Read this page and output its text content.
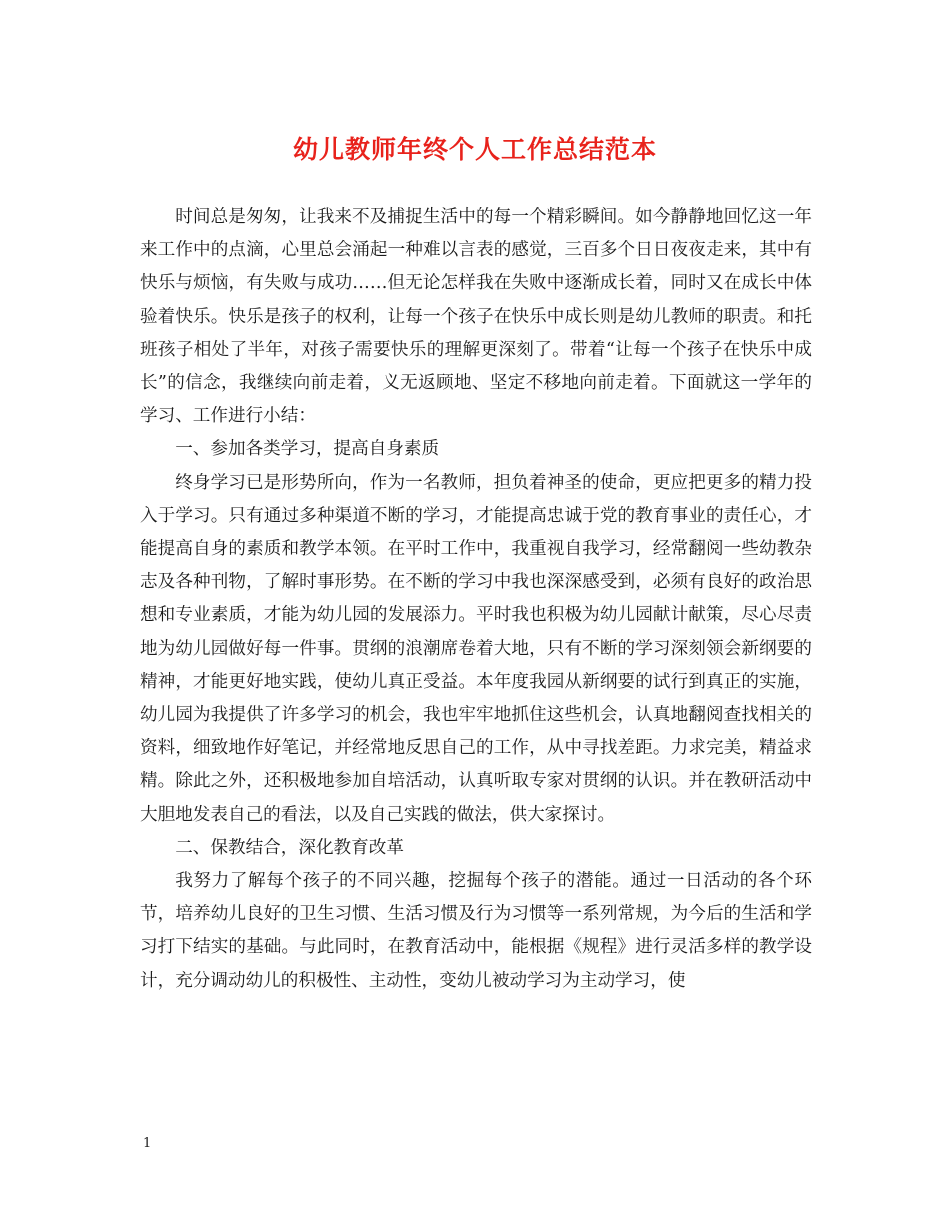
幼儿教师年终个人工作总结范本

时间总是匆匆，让我来不及捕捉生活中的每一个精彩瞬间。如今静静地回忆这一年来工作中的点滴，心里总会涌起一种难以言表的感觉，三百多个日日夜夜走来，其中有快乐与烦恼，有失败与成功……但无论怎样我在失败中逐渐成长着，同时又在成长中体验着快乐。快乐是孩子的权利，让每一个孩子在快乐中成长则是幼儿教师的职责。和托班孩子相处了半年，对孩子需要快乐的理解更深刻了。带着“让每一个孩子在快乐中成长”的信念，我继续向前走着，义无返顾地、坚定不移地向前走着。下面就这一学年的学习、工作进行小结：

一、参加各类学习，提高自身素质

终身学习已是形势所向，作为一名教师，担负着神圣的使命，更应把更多的精力投入于学习。只有通过多种渠道不断的学习，才能提高忠诚于党的教育事业的责任心，才能提高自身的素质和教学本领。在平时工作中，我重视自我学习，经常翻阅一些幼教杂志及各种刊物，了解时事形势。在不断的学习中我也深深感受到，必须有良好的政治思想和专业素质，才能为幼儿园的发展添力。平时我也积极为幼儿园献计献策，尽心尽责地为幼儿园做好每一件事。贯纲的浪潮席卷着大地，只有不断的学习深刻领会新纲要的精神，才能更好地实践，使幼儿真正受益。本年度我园从新纲要的试行到真正的实施，幼儿园为我提供了许多学习的机会，我也牢牢地抓住这些机会，认真地翻阅查找相关的资料，细致地作好笔记，并经常地反思自己的工作，从中寻找差距。力求完美，精益求精。除此之外，还积极地参加自培活动，认真听取专家对贯纲的认识。并在教研活动中大胆地发表自己的看法，以及自己实践的做法，供大家探讨。

二、保教结合，深化教育改革

我努力了解每个孩子的不同兴趣，挖掘每个孩子的潜能。通过一日活动的各个环节，培养幼儿良好的卫生习惯、生活习惯及行为习惯等一系列常规，为今后的生活和学习打下结实的基础。与此同时，在教育活动中，能根据《规程》进行灵活多样的教学设计，充分调动幼儿的积极性、主动性，变幼儿被动学习为主动学习，使

1
